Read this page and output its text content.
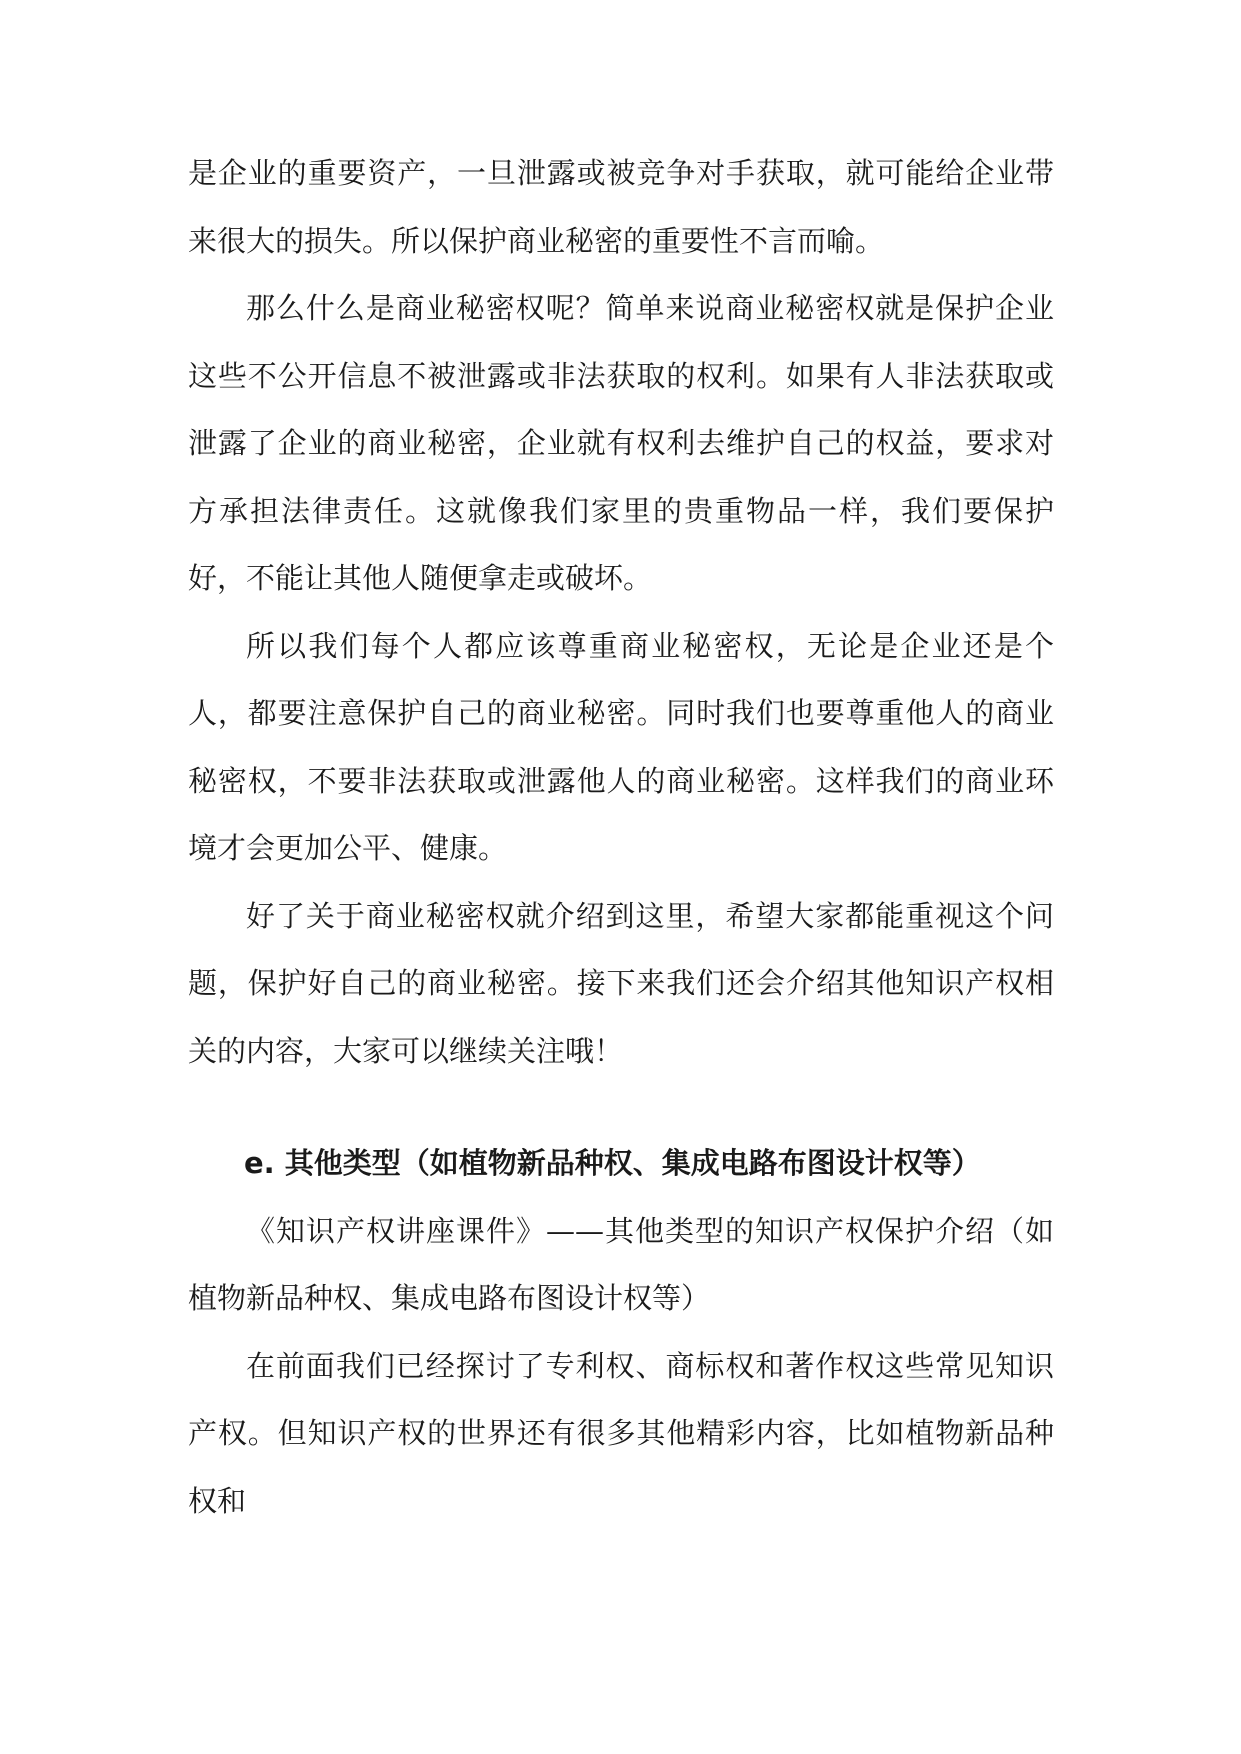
是企业的重要资产，一旦泄露或被竞争对手获取，就可能给企业带来很大的损失。所以保护商业秘密的重要性不言而喻。

那么什么是商业秘密权呢？简单来说商业秘密权就是保护企业这些不公开信息不被泄露或非法获取的权利。如果有人非法获取或泄露了企业的商业秘密，企业就有权利去维护自己的权益，要求对方承担法律责任。这就像我们家里的贵重物品一样，我们要保护好，不能让其他人随便拿走或破坏。

所以我们每个人都应该尊重商业秘密权，无论是企业还是个人，都要注意保护自己的商业秘密。同时我们也要尊重他人的商业秘密权，不要非法获取或泄露他人的商业秘密。这样我们的商业环境才会更加公平、健康。

好了关于商业秘密权就介绍到这里，希望大家都能重视这个问题，保护好自己的商业秘密。接下来我们还会介绍其他知识产权相关的内容，大家可以继续关注哦！

e. 其他类型（如植物新品种权、集成电路布图设计权等）

《知识产权讲座课件》——其他类型的知识产权保护介绍（如植物新品种权、集成电路布图设计权等）

在前面我们已经探讨了专利权、商标权和著作权这些常见知识产权。但知识产权的世界还有很多其他精彩内容，比如植物新品种权和
